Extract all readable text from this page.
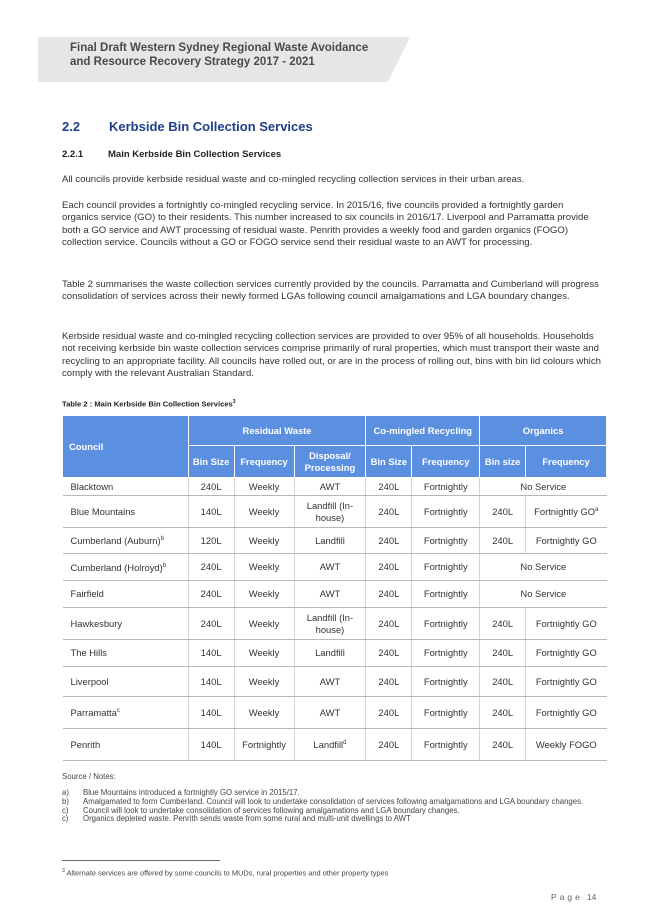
Final Draft Western Sydney Regional Waste Avoidance
and Resource Recovery Strategy 2017 - 2021
2.2 Kerbside Bin Collection Services
2.2.1	Main Kerbside Bin Collection Services

All councils provide kerbside residual waste and co-mingled recycling collection services in their urban areas.

Each council provides a fortnightly co-mingled recycling service. In 2015/16, five councils provided a fortnightly garden organics service (GO) to their residents. This number increased to six councils in 2016/17. Liverpool and Parramatta provide both a GO service and AWT processing of residual waste. Penrith provides a weekly food and garden organics (FOGO) collection service. Councils without a GO or FOGO service send their residual waste to an AWT for processing.

Table 2 summarises the waste collection services currently provided by the councils. Parramatta and Cumberland will progress consolidation of services across their newly formed LGAs following council amalgamations and LGA boundary changes.

Kerbside residual waste and co-mingled recycling collection services are provided to over 95% of all households. Households not receiving kerbside bin waste collection services comprise primarily of rural properties, which must transport their waste and recycling to an appropriate facility. All councils have rolled out, or are in the process of rolling out, bins with bin lid colours which comply with the relevant Australian Standard.

Table 2 : Main Kerbside Bin Collection Services$^3$
Council	Residual Waste			Co-mingled Recycling		Organics	
	Bin Size	Frequency	Disposal/ Processing	Bin Size	Frequency	Bin size	Frequency
Blacktown	240L	Weekly	AWT	240L	Fortnightly	No Service	
Blue Mountains	140L	Weekly	Landfill (In-house)	240L	Fortnightly	240L	Fortnightly $GO^a$
Cumberland (Auburn)$^b$	120L	Weekly	Landfill	240L	Fortnightly	240L	Fortnightly GO
Cumberland (Holroyd)$^b$	240L	Weekly	AWT	240L	Fortnightly	No Service	
Fairfield	240L	Weekly	AWT	240L	Fortnightly	No Service	
Hawkesbury	240L	Weekly	Landfill (In-house)	240L	Fortnightly	240L	Fortnightly GO
The Hills	140L	Weekly	Landfill	240L	Fortnightly	240L	Fortnightly GO
Liverpool	140L	Weekly	AWT	240L	Fortnightly	240L	Fortnightly GO
Parramatta$^c$	140L	Weekly	AWT	240L	Fortnightly	240L	Fortnightly GO
Penrith	140L	Fortnightly	Landfill$^d$	240L	Fortnightly	240L	Weekly FOGO
Source / Notes:
a)	Blue Mountains introduced a fortnightly GO service in 2015/17.
b)	Amalgamated to form Cumberland. Council will look to undertake consolidation of services following amalgamations and LGA boundary changes.
c)	Council will look to undertake consolidation of services following amalgamations and LGA boundary changes.
c)	Organics depleted waste. Penrith sends waste from some rural and multi-unit dwellings to AWT
$^3$ Alternate services are offered by some councils to MUDs, rural properties and other property types
Page 14
